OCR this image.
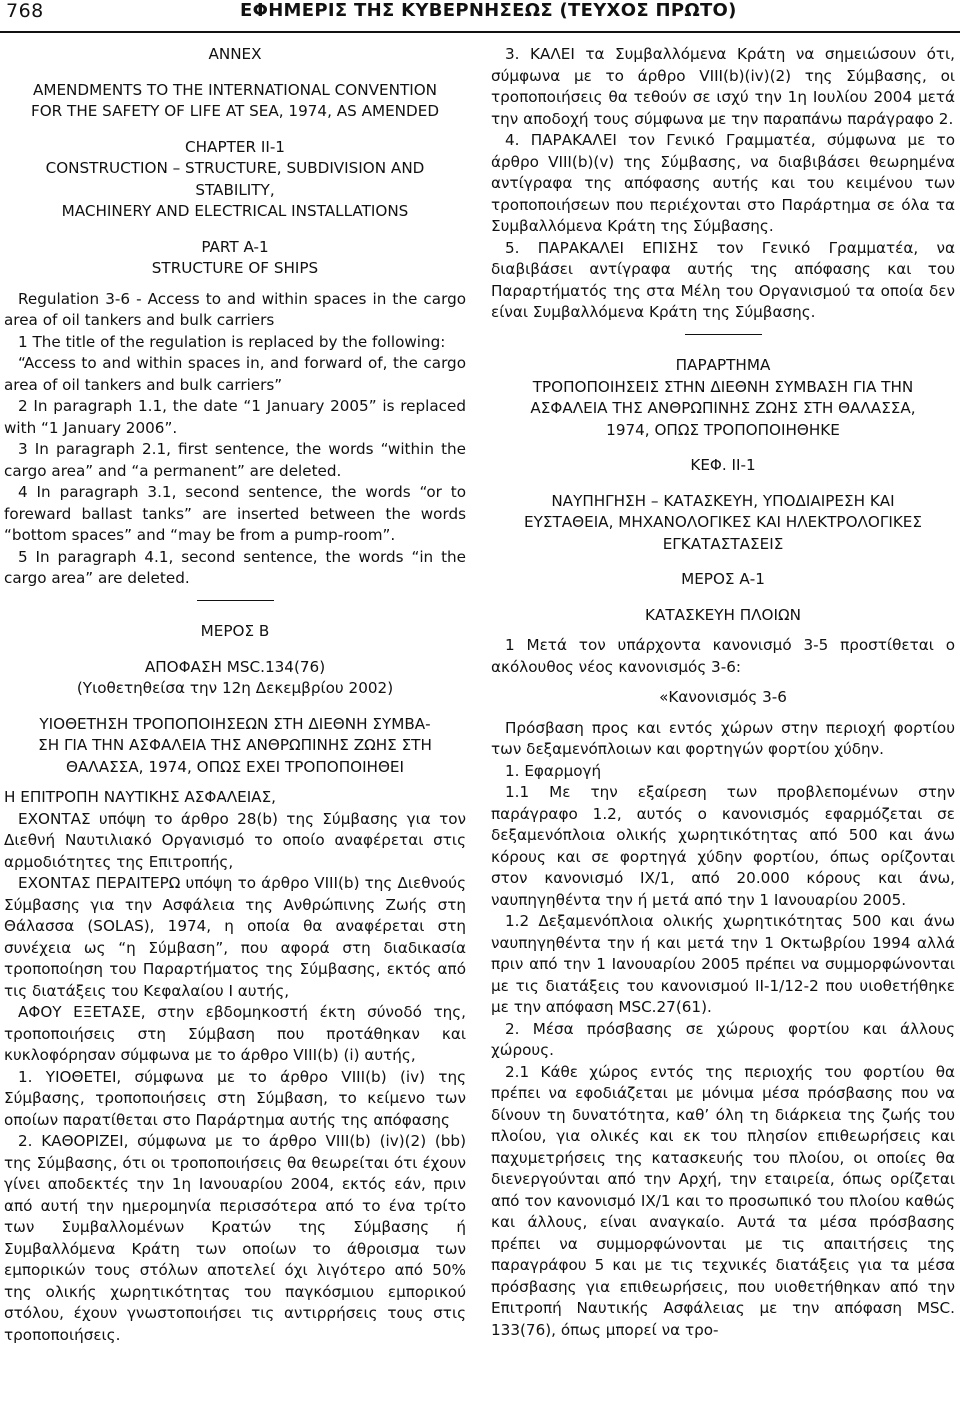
768	ΕΦΗΜΕΡΙΣ ΤΗΣ ΚΥΒΕΡΝΗΣΕΩΣ (ΤΕΥΧΟΣ ΠΡΩΤΟ)

ANNEX

AMENDMENTS TO THE INTERNATIONAL CONVENTION

FOR THE SAFETY OF LIFE AT SEA, 1974, AS AMENDED

CHAPTER II-1

CONSTRUCTION – STRUCTURE, SUBDIVISION AND

STABILITY,

MACHINERY AND ELECTRICAL INSTALLATIONS

PART A-1

STRUCTURE OF SHIPS

Regulation 3-6 - Access to and within spaces in the cargo area of oil tankers and bulk carriers

1 The title of the regulation is replaced by the following:

“Access to and within spaces in, and forward of, the cargo area of oil tankers and bulk carriers”

2 In paragraph 1.1, the date “1 January 2005” is replaced with “1 January 2006”.

3 In paragraph 2.1, first sentence, the words “within the cargo area” and “a permanent” are deleted.

4 In paragraph 3.1, second sentence, the words “or to foreward ballast tanks” are inserted between the words “bottom spaces” and “may be from a pump-room”.

5 In paragraph 4.1, second sentence, the words “in the cargo area” are deleted.

ΜΕΡΟΣ Β

ΑΠΟΦΑΣΗ MSC.134(76)

(Υιοθετηθείσα την 12η Δεκεμβρίου 2002)

ΥΙΟΘΕΤΗΣΗ ΤΡΟΠΟΠΟΙΗΣΕΩΝ ΣΤΗ ΔΙΕΘΝΗ ΣΥΜΒΑ-

ΣΗ ΓΙΑ ΤΗΝ ΑΣΦΑΛΕΙΑ ΤΗΣ ΑΝΘΡΩΠΙΝΗΣ ΖΩΗΣ ΣΤΗ

ΘΑΛΑΣΣΑ, 1974, ΟΠΩΣ ΕΧΕΙ ΤΡΟΠΟΠΟΙΗΘΕΙ

Η ΕΠΙΤΡΟΠΗ ΝΑΥΤΙΚΗΣ ΑΣΦΑΛΕΙΑΣ,

ΕΧΟΝΤΑΣ υπόψη το άρθρο 28(b) της Σύμβασης για τον Διεθνή Ναυτιλιακό Οργανισμό το οποίο αναφέρεται στις αρμοδιότητες της Επιτροπής,

ΕΧΟΝΤΑΣ ΠΕΡΑΙΤΕΡΩ υπόψη το άρθρο VIII(b) της Διεθνούς Σύμβασης για την Ασφάλεια της Ανθρώπινης Ζωής στη Θάλασσα (SOLAS), 1974, η οποία θα αναφέρεται στη συνέχεια ως “η Σύμβαση”, που αφορά στη διαδικασία τροποποίηση του Παραρτήματος της Σύμβασης, εκτός από τις διατάξεις του Κεφαλαίου Ι αυτής,

ΑΦΟΥ ΕΞΕΤΑΣΕ, στην εβδομηκοστή έκτη σύνοδό της, τροποποιήσεις στη Σύμβαση που προτάθηκαν και κυκλοφόρησαν σύμφωνα με το άρθρο VIII(b) (i) αυτής,

1. ΥΙΟΘΕΤΕΙ, σύμφωνα με το άρθρο VIII(b) (iv) της Σύμβασης, τροποποιήσεις στη Σύμβαση, το κείμενο των οποίων παρατίθεται στο Παράρτημα αυτής της απόφασης

2. ΚΑΘΟΡΙΖΕΙ, σύμφωνα με το άρθρο VIII(b) (iv)(2) (bb) της Σύμβασης, ότι οι τροποποιήσεις θα θεωρείται ότι έχουν γίνει αποδεκτές την 1η Ιανουαρίου 2004, εκτός εάν, πριν από αυτή την ημερομηνία περισσότερα από το ένα τρίτο των Συμβαλλομένων Κρατών της Σύμβασης ή Συμβαλλόμενα Κράτη των οποίων το άθροισμα των εμπορικών τους στόλων αποτελεί όχι λιγότερο από 50% της ολικής χωρητικότητας του παγκόσμιου εμπορικού στόλου, έχουν γνωστοποιήσει τις αντιρρήσεις τους στις τροποποιήσεις.

3. ΚΑΛΕΙ τα Συμβαλλόμενα Κράτη να σημειώσουν ότι, σύμφωνα με το άρθρο VIII(b)(iv)(2) της Σύμβασης, οι τροποποιήσεις θα τεθούν σε ισχύ την 1η Ιουλίου 2004 μετά την αποδοχή τους σύμφωνα με την παραπάνω παράγραφο 2.

4. ΠΑΡΑΚΑΛΕΙ τον Γενικό Γραμματέα, σύμφωνα με το άρθρο VIII(b)(v) της Σύμβασης, να διαβιβάσει θεωρημένα αντίγραφα της απόφασης αυτής και του κειμένου των τροποποιήσεων που περιέχονται στο Παράρτημα σε όλα τα Συμβαλλόμενα Κράτη της Σύμβασης.

5. ΠΑΡΑΚΑΛΕΙ ΕΠΙΣΗΣ τον Γενικό Γραμματέα, να διαβιβάσει αντίγραφα αυτής της απόφασης και του Παραρτήματός της στα Μέλη του Οργανισμού τα οποία δεν είναι Συμβαλλόμενα Κράτη της Σύμβασης.

ΠΑΡΑΡΤΗΜΑ

ΤΡΟΠΟΠΟΙΗΣΕΙΣ ΣΤΗΝ ΔΙΕΘΝΗ ΣΥΜΒΑΣΗ ΓΙΑ ΤΗΝ

ΑΣΦΑΛΕΙΑ ΤΗΣ ΑΝΘΡΩΠΙΝΗΣ ΖΩΗΣ ΣΤΗ ΘΑΛΑΣΣΑ,

1974, ΟΠΩΣ ΤΡΟΠΟΠΟΙΗΘΗΚΕ

ΚΕΦ. ΙΙ-1

ΝΑΥΠΗΓΗΣΗ – ΚΑΤΑΣΚΕΥΗ, ΥΠΟΔΙΑΙΡΕΣΗ ΚΑΙ

ΕΥΣΤΑΘΕΙΑ, ΜΗΧΑΝΟΛΟΓΙΚΕΣ ΚΑΙ ΗΛΕΚΤΡΟΛΟΓΙΚΕΣ

ΕΓΚΑΤΑΣΤΑΣΕΙΣ

ΜΕΡΟΣ Α-1

ΚΑΤΑΣΚΕΥΗ ΠΛΟΙΩΝ

1 Μετά τον υπάρχοντα κανονισμό 3-5 προστίθεται ο ακόλουθος νέος κανονισμός 3-6:

«Κανονισμός 3-6

Πρόσβαση προς και εντός χώρων στην περιοχή φορτίου των δεξαμενόπλοιων και φορτηγών φορτίου χύδην.

1. Εφαρμογή

1.1 Με την εξαίρεση των προβλεπομένων στην παράγραφο 1.2, αυτός ο κανονισμός εφαρμόζεται σε δεξαμενόπλοια ολικής χωρητικότητας από 500 και άνω κόρους και σε φορτηγά χύδην φορτίου, όπως ορίζονται στον κανονισμό IX/1, από 20.000 κόρους και άνω, ναυπηγηθέντα την ή μετά από την 1 Ιανουαρίου 2005.

1.2 Δεξαμενόπλοια ολικής χωρητικότητας 500 και άνω ναυπηγηθέντα την ή και μετά την 1 Οκτωβρίου 1994 αλλά πριν από την 1 Ιανουαρίου 2005 πρέπει να συμμορφώνονται με τις διατάξεις του κανονισμού II-1/12-2 που υιοθετήθηκε με την απόφαση MSC.27(61).

2. Μέσα πρόσβασης σε χώρους φορτίου και άλλους χώρους.

2.1 Κάθε χώρος εντός της περιοχής του φορτίου θα πρέπει να εφοδιάζεται με μόνιμα μέσα πρόσβασης που να δίνουν τη δυνατότητα, καθ’ όλη τη διάρκεια της ζωής του πλοίου, για ολικές και εκ του πλησίον επιθεωρήσεις και παχυμετρήσεις της κατασκευής του πλοίου, οι οποίες θα διενεργούνται από την Αρχή, την εταιρεία, όπως ορίζεται από τον κανονισμό IX/1 και το προσωπικό του πλοίου καθώς και άλλους, είναι αναγκαίο. Αυτά τα μέσα πρόσβασης πρέπει να συμμορφώνονται με τις απαιτήσεις της παραγράφου 5 και με τις τεχνικές διατάξεις για τα μέσα πρόσβασης για επιθεωρήσεις, που υιοθετήθηκαν από την Επιτροπή Ναυτικής Ασφάλειας με την απόφαση MSC. 133(76), όπως μπορεί να τρο-
